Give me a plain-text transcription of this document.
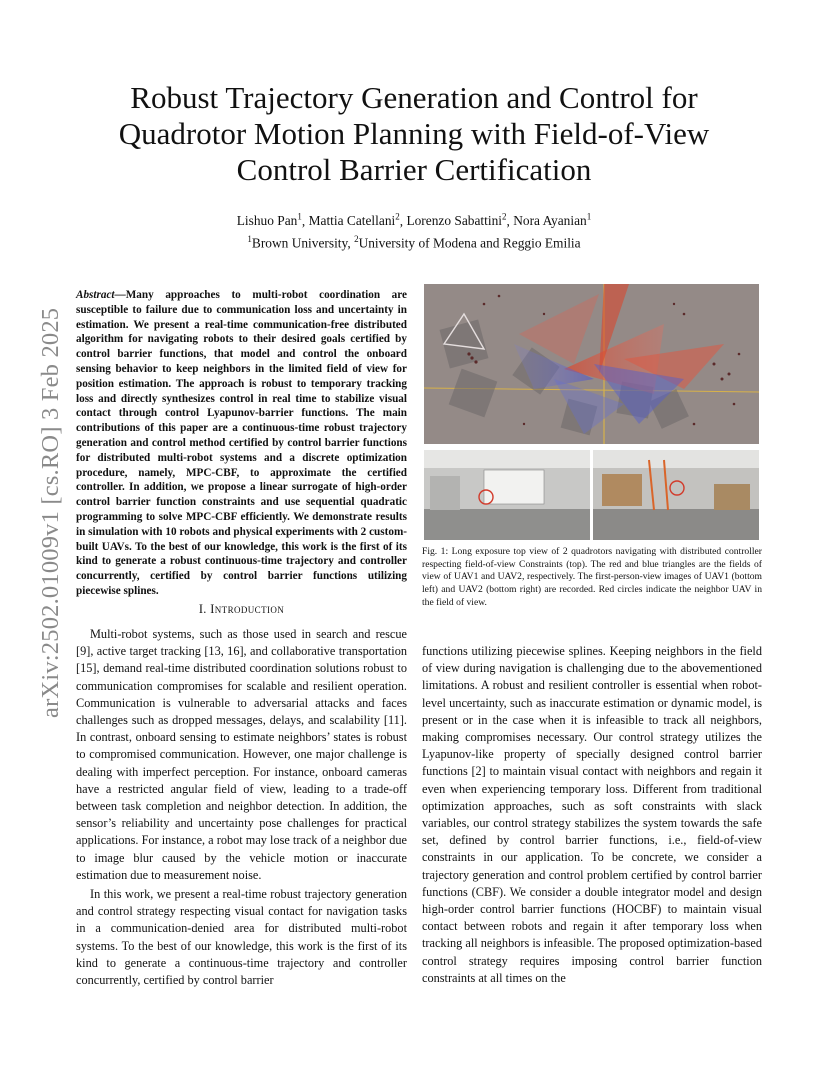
arXiv:2502.01009v1 [cs.RO] 3 Feb 2025
Robust Trajectory Generation and Control for Quadrotor Motion Planning with Field-of-View Control Barrier Certification
Lishuo Pan$^1$, Mattia Catellani$^2$, Lorenzo Sabattini$^2$, Nora Ayanian$^1$
$^1$Brown University, $^2$University of Modena and Reggio Emilia
Abstract—Many approaches to multi-robot coordination are susceptible to failure due to communication loss and uncertainty in estimation. We present a real-time communication-free distributed algorithm for navigating robots to their desired goals certified by control barrier functions, that model and control the onboard sensing behavior to keep neighbors in the limited field of view for position estimation. The approach is robust to temporary tracking loss and directly synthesizes control in real time to stabilize visual contact through control Lyapunov-barrier functions. The main contributions of this paper are a continuous-time robust trajectory generation and control method certified by control barrier functions for distributed multi-robot systems and a discrete optimization procedure, namely, MPC-CBF, to approximate the certified controller. In addition, we propose a linear surrogate of high-order control barrier function constraints and use sequential quadratic programming to solve MPC-CBF efficiently. We demonstrate results in simulation with 10 robots and physical experiments with 2 custom-built UAVs. To the best of our knowledge, this work is the first of its kind to generate a robust continuous-time trajectory and controller concurrently, certified by control barrier functions utilizing piecewise splines.
I. Introduction

Multi-robot systems, such as those used in search and rescue [9], active target tracking [13, 16], and collaborative transportation [15], demand real-time distributed coordination solutions robust to communication compromises for scalable and resilient operation. Communication is vulnerable to adversarial attacks and faces challenges such as dropped messages, delays, and scalability [11]. In contrast, onboard sensing to estimate neighbors’ states is robust to compromised communication. However, one major challenge is dealing with imperfect perception. For instance, onboard cameras have a restricted angular field of view, leading to a trade-off between task completion and neighbor detection. In addition, the sensor’s reliability and uncertainty pose challenges for practical applications. For instance, a robot may lose track of a neighbor due to image blur caused by the vehicle motion or inaccurate estimation due to measurement noise.

In this work, we present a real-time robust trajectory generation and control strategy respecting visual contact for navigation tasks in a communication-denied area for distributed multi-robot systems. To the best of our knowledge, this work is the first of its kind to generate a continuous-time trajectory and controller concurrently, certified by control barrier

functions utilizing piecewise splines. Keeping neighbors in the field of view during navigation is challenging due to the abovementioned limitations. A robust and resilient controller is essential when robot-level uncertainty, such as inaccurate estimation or dynamic model, is present or in the case when it is infeasible to track all neighbors, making compromises necessary. Our control strategy utilizes the Lyapunov-like property of specially designed control barrier functions [2] to maintain visual contact with neighbors and regain it even when experiencing temporary loss. Different from traditional optimization approaches, such as soft constraints with slack variables, our control strategy stabilizes the system towards the safe set, defined by control barrier functions, i.e., field-of-view constraints in our application. To be concrete, we consider a trajectory generation and control problem certified by control barrier functions (CBF). We consider a double integrator model and design high-order control barrier functions (HOCBF) to maintain visual contact between robots and regain it after temporary loss when tracking all neighbors is infeasible. The proposed optimization-based control strategy requires imposing control barrier function constraints at all times on the
Fig. 1: Long exposure top view of 2 quadrotors navigating with distributed controller respecting field-of-view Constraints (top). The red and blue triangles are the fields of view of UAV1 and UAV2, respectively. The first-person-view images of UAV1 (bottom left) and UAV2 (bottom right) are recorded. Red circles indicate the neighbor UAV in the field of view.
